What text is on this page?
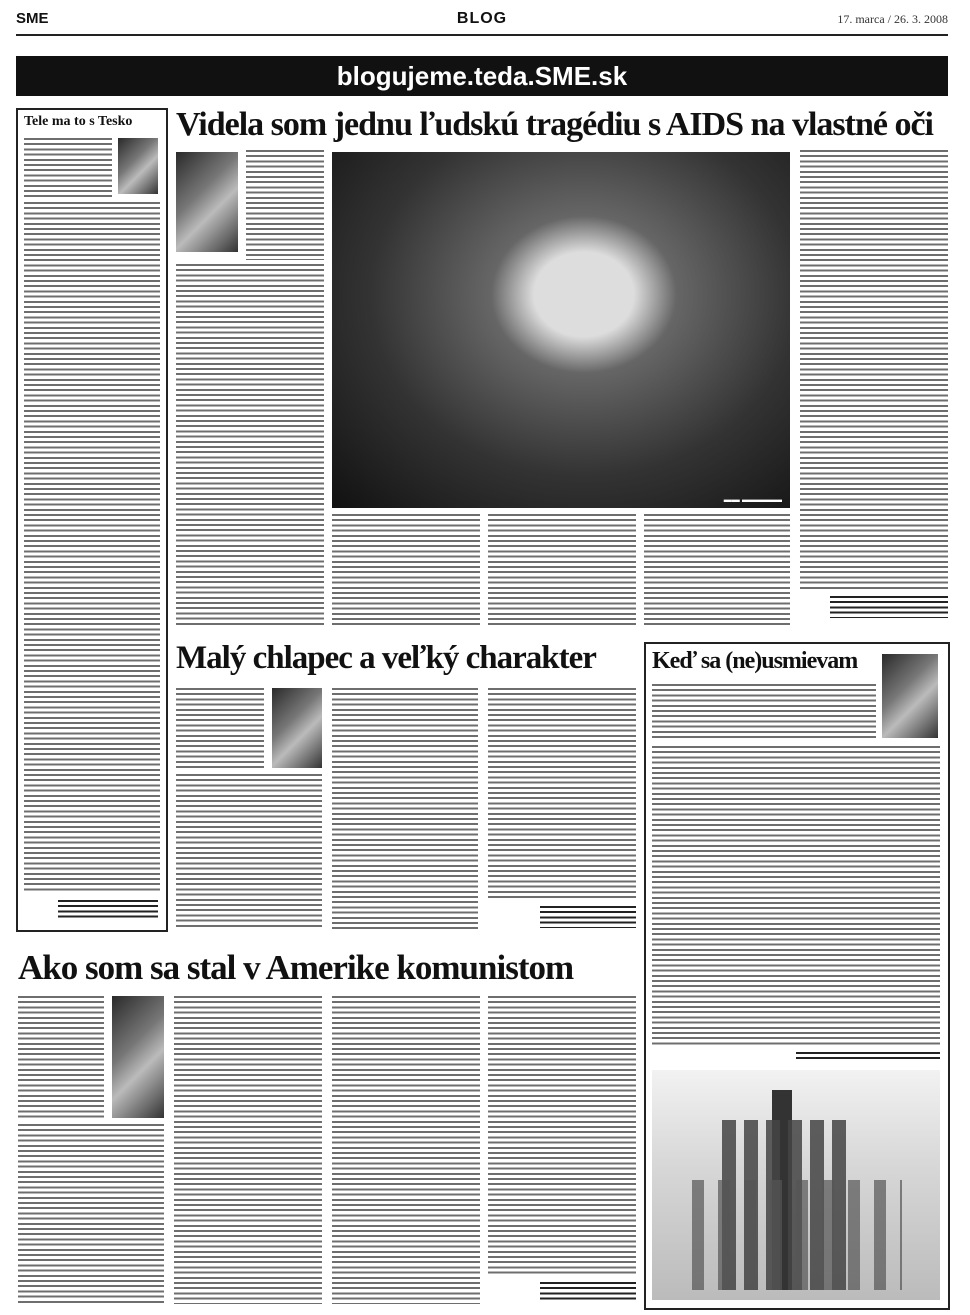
SME	BLOG	17. marca / 26. 3. 2008
blogujeme.teda.SME.sk
Tele ma to s Tesko	Videla som jednu ľudskú tragédiu s AIDS na vlastné oči
▬▬ ▬▬▬▬▬
Malý chlapec a veľký charakter	Keď sa (ne)usmievam
Ako som sa stal v Amerike komunistom
